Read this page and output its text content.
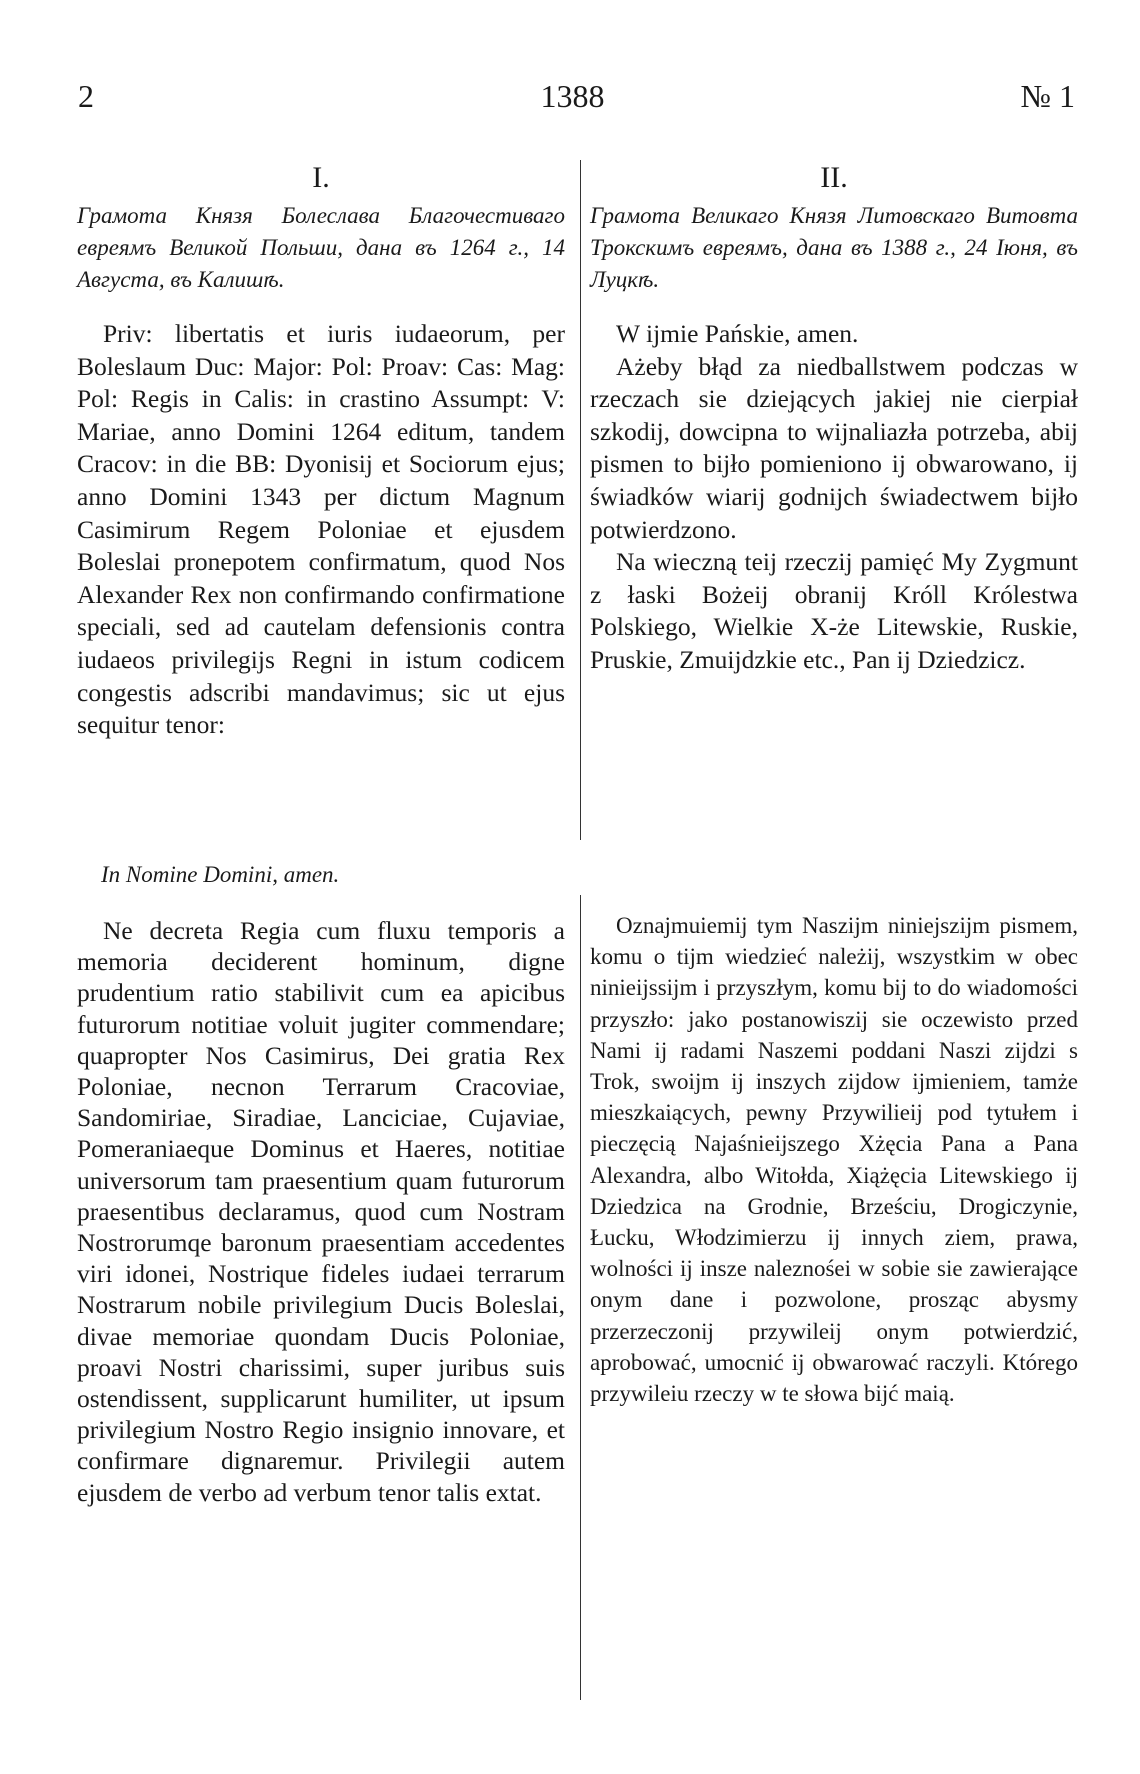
2	1388	№ 1
I.
Грамота Князя Болеслава Благочестиваго евреямъ Великой Польши, дана въ 1264 г., 14 Августа, въ Калишѣ.

Priv: libertatis et iuris iudaeorum, per Boleslaum Duc: Major: Pol: Proav: Cas: Mag: Pol: Regis in Calis: in crastino Assumpt: V: Mariae, anno Domini 1264 editum, tandem Cracov: in die BB: Dyonisij et Sociorum ejus; anno Domini 1343 per dictum Magnum Casimirum Regem Poloniae et ejusdem Boleslai pronepotem confirmatum, quod Nos Alexander Rex non confirmando confirmatione speciali, sed ad cautelam defensionis contra iudaeos privilegijs Regni in istum codicem congestis adscribi mandavimus; sic ut ejus sequitur tenor:

In Nomine Domini, amen.
II.
Грамота Великаго Князя Литовскаго Витовта Трокскимъ евреямъ, дана въ 1388 г., 24 Іюня, въ Луцкѣ.

W ijmie Pańskie, amen.

Ażeby błąd za niedballstwem podczas w rzeczach sie dziejących jakiej nie cierpiał szkodij, dowcipna to wijnaliazła potrzeba, abij pismen to bijło pomieniono ij obwarowano, ij świadków wiarij godnijch świadectwem bijło potwierdzono.

Na wieczną teij rzeczij pamięć My Zygmunt z łaski Bożeij obranij Króll Królestwa Polskiego, Wielkie X-że Litewskie, Ruskie, Pruskie, Zmuijdzkie etc., Pan ij Dziedzicz.

Ne decreta Regia cum fluxu temporis a memoria deciderent hominum, digne prudentium ratio stabilivit cum ea apicibus futurorum notitiae voluit jugiter commendare; quapropter Nos Casimirus, Dei gratia Rex Poloniae, necnon Terrarum Cracoviae, Sandomiriae, Siradiae, Lanciciae, Cujaviae, Pomeraniaeque Dominus et Haeres, notitiae universorum tam praesentium quam futurorum praesentibus declaramus, quod cum Nostram Nostrorumqe baronum praesentiam accedentes viri idonei, Nostrique fideles iudaei terrarum Nostrarum nobile privilegium Ducis Boleslai, divae memoriae quondam Ducis Poloniae, proavi Nostri charissimi, super juribus suis ostendissent, supplicarunt humiliter, ut ipsum privilegium Nostro Regio insignio innovare, et confirmare dignaremur. Privilegii autem ejusdem de verbo ad verbum tenor talis extat.

Oznajmuiemij tym Naszijm niniejszijm pismem, komu o tijm wiedzieć należij, wszystkim w obec ninieijssijm i przyszłym, komu bij to do wiadomości przyszło: jako postanowiszij sie oczewisto przed Nami ij radami Naszemi poddani Naszi zijdzi s Trok, swoijm ij inszych zijdow ijmieniem, tamże mieszkaiących, pewny Przywilieij pod tytułem i pieczęcią Najaśnieijszego Xżęcia Pana a Pana Alexandra, albo Witołda, Xiążęcia Litewskiego ij Dziedzica na Grodnie, Brześciu, Drogiczynie, Łucku, Włodzimierzu ij innych ziem, prawa, wolności ij insze naleznośei w sobie sie zawierające onym dane i pozwolone, prosząc abysmy przerzeczonij przywileij onym potwierdzić, aprobować, umocnić ij obwarować raczyli. Którego przywileiu rzeczy w te słowa bijć maią.
